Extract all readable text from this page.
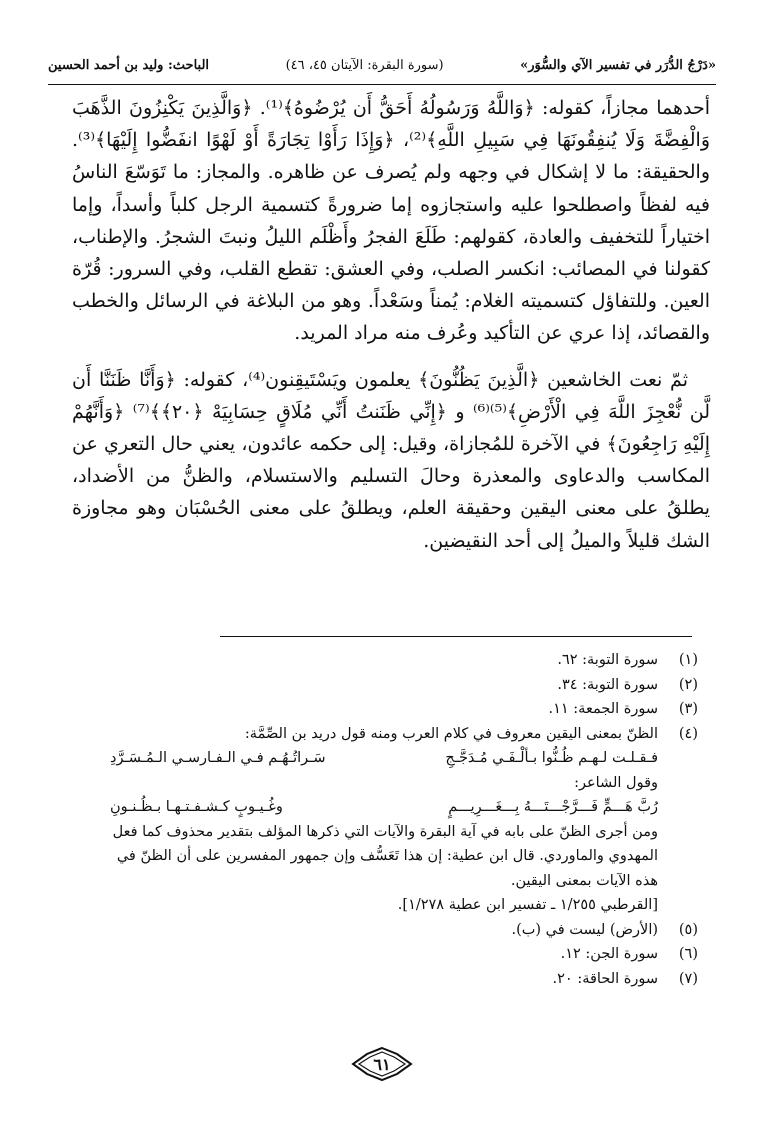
«دَرْجُ الدُّرَر في تفسير الآي والسُّوَر»
(سورة البقرة: الآيتان ٤٥، ٤٦)
الباحث: وليد بن أحمد الحسين

أحدهما مجازاً، كقوله: ﴿وَاللَّهُ وَرَسُولُهُ أَحَقُّ أَن يُرْضُوهُ﴾⁽¹⁾. ﴿وَالَّذِينَ يَكْنِزُونَ الذَّهَبَ وَالْفِضَّةَ وَلَا يُنفِقُونَهَا فِي سَبِيلِ اللَّهِ﴾⁽²⁾، ﴿وَإِذَا رَأَوْا تِجَارَةً أَوْ لَهْوًا انفَضُّوا إِلَيْهَا﴾⁽³⁾. والحقيقة: ما لا إشكال في وجهه ولم يُصرف عن ظاهره. والمجاز: ما تَوَسّعَ الناسُ فيه لفظاً واصطلحوا عليه واستجازوه إما ضرورةً كتسمية الرجل كلباً وأسداً، وإما اختياراً للتخفيف والعادة، كقولهم: طَلَعَ الفجرُ وأَظْلَم الليلُ ونبتَ الشجرُ. والإطناب، كقولنا في المصائب: انكسر الصلب، وفي العشق: تقطع القلب، وفي السرور: قُرّة العين. وللتفاؤل كتسميته الغلام: يُمناً وسَعْداً. وهو من البلاغة في الرسائل والخطب والقصائد، إذا عري عن التأكيد وعُرف منه مراد المريد.

ثمّ نعت الخاشعين ﴿الَّذِينَ يَظُنُّونَ﴾ يعلمون ويَسْتَيقِنون⁽⁴⁾، كقوله: ﴿وَأَنَّا ظَنَنَّا أَن لَّن نُّعْجِزَ اللَّهَ فِي الْأَرْضِ﴾⁽⁵⁾⁽⁶⁾ و ﴿إِنِّي ظَنَنتُ أَنِّي مُلَاقٍ حِسَابِيَهْ ﴿٢٠﴾﴾⁽⁷⁾ ﴿وَأَنَّهُمْ إِلَيْهِ رَاجِعُونَ﴾ في الآخرة للمُجازاة، وقيل: إلى حكمه عائدون، يعني حال التعري عن المكاسب والدعاوى والمعذرة وحالَ التسليم والاستسلام، والظنُّ من الأضداد، يطلقُ على معنى اليقين وحقيقة العلم، ويطلقُ على معنى الحُسْبَان وهو مجاوزة الشك قليلاً والميلُ إلى أحد النقيضين.

(١)
سورة التوبة: ٦٢.
(٢)
سورة التوبة: ٣٤.
(٣)
سورة الجمعة: ١١.
(٤)
الظنّ بمعنى اليقين معروف في كلام العرب ومنه قول دريد بن الصِّمَّة:
فـقـلـت لـهـم ظُـنُّوا بـألْـفَـي مُـدَجَّـجِ
سَـراتُـهُـم فـي الـفـارسـي الـمُـسَـرَّدِ
وقول الشاعر:
رُبَّ هَـــمٍّ فَـــرَّجْـــتَـــهُ بِـــغَـــرِيـــمٍ
وغُـيـوبٍ كـشـفـتـهـا بـظُـنـونِ
ومن أجرى الظنّ على بابه في آية البقرة والآيات التي ذكرها المؤلف بتقدير محذوف كما فعل المهدوي والماوردي. قال ابن عطية: إن هذا تَعَسُّف وإن جمهور المفسرين على أن الظنّ في هذه الآيات بمعنى اليقين.
[القرطبي ١/٢٥٥ ـ تفسير ابن عطية ١/٢٧٨].
(٥)
(الأرض) ليست في (ب).
(٦)
سورة الجن: ١٢.
(٧)
سورة الحاقة: ٢٠.
٦١
